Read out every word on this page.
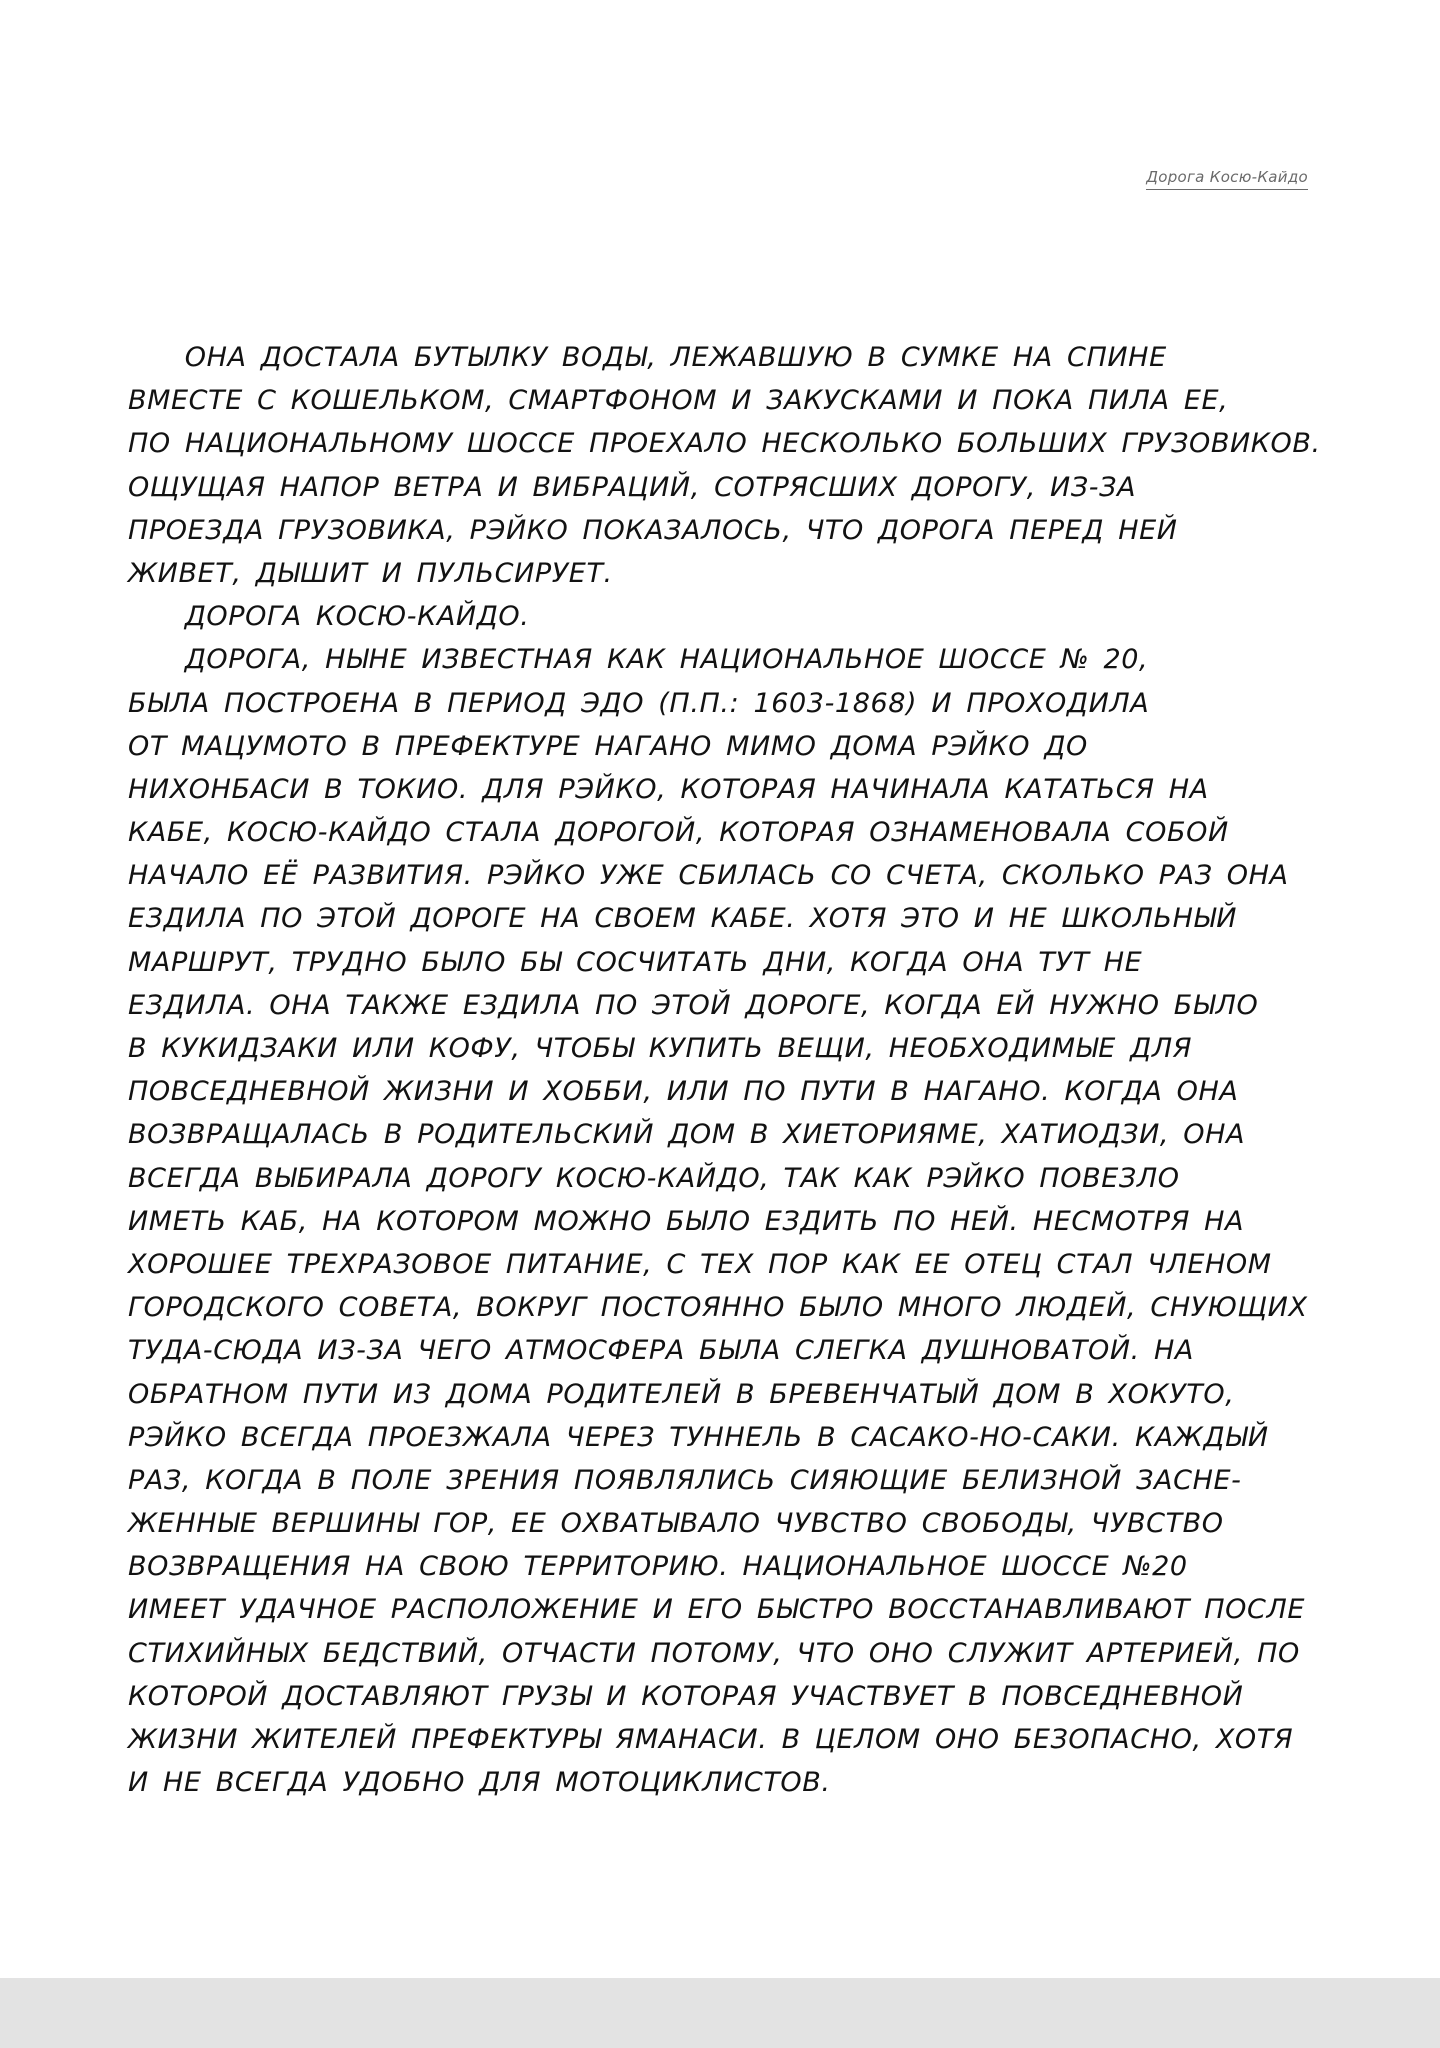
Дорога Косю-Кайдо
ОНА ДОСТАЛА БУТЫЛКУ ВОДЫ, ЛЕЖАВШУЮ В СУМКЕ НА СПИНЕ
ВМЕСТЕ С КОШЕЛЬКОМ, СМАРТФОНОМ И ЗАКУСКАМИ И ПОКА ПИЛА ЕЕ,
ПО НАЦИОНАЛЬНОМУ ШОССЕ ПРОЕХАЛО НЕСКОЛЬКО БОЛЬШИХ ГРУЗОВИКОВ.
ОЩУЩАЯ НАПОР ВЕТРА И ВИБРАЦИЙ, СОТРЯСШИХ ДОРОГУ, ИЗ-ЗА
ПРОЕЗДА ГРУЗОВИКА, РЭЙКО ПОКАЗАЛОСЬ, ЧТО ДОРОГА ПЕРЕД НЕЙ
ЖИВЕТ, ДЫШИТ И ПУЛЬСИРУЕТ.
ДОРОГА КОСЮ-КАЙДО.
ДОРОГА, НЫНЕ ИЗВЕСТНАЯ КАК НАЦИОНАЛЬНОЕ ШОССЕ № 20,
БЫЛА ПОСТРОЕНА В ПЕРИОД ЭДО (П.П.: 1603-1868) И ПРОХОДИЛА
ОТ МАЦУМОТО В ПРЕФЕКТУРЕ НАГАНО МИМО ДОМА РЭЙКО ДО
НИХОНБАСИ В ТОКИО. ДЛЯ РЭЙКО, КОТОРАЯ НАЧИНАЛА КАТАТЬСЯ НА
КАБЕ, КОСЮ-КАЙДО СТАЛА ДОРОГОЙ, КОТОРАЯ ОЗНАМЕНОВАЛА СОБОЙ
НАЧАЛО ЕЁ РАЗВИТИЯ. РЭЙКО УЖЕ СБИЛАСЬ СО СЧЕТА, СКОЛЬКО РАЗ ОНА
ЕЗДИЛА ПО ЭТОЙ ДОРОГЕ НА СВОЕМ КАБЕ. ХОТЯ ЭТО И НЕ ШКОЛЬНЫЙ
МАРШРУТ, ТРУДНО БЫЛО БЫ СОСЧИТАТЬ ДНИ, КОГДА ОНА ТУТ НЕ
ЕЗДИЛА. ОНА ТАКЖЕ ЕЗДИЛА ПО ЭТОЙ ДОРОГЕ, КОГДА ЕЙ НУЖНО БЫЛО
В КУКИДЗАКИ ИЛИ КОФУ, ЧТОБЫ КУПИТЬ ВЕЩИ, НЕОБХОДИМЫЕ ДЛЯ
ПОВСЕДНЕВНОЙ ЖИЗНИ И ХОББИ, ИЛИ ПО ПУТИ В НАГАНО. КОГДА ОНА
ВОЗВРАЩАЛАСЬ В РОДИТЕЛЬСКИЙ ДОМ В ХИЕТОРИЯМЕ, ХАТИОДЗИ, ОНА
ВСЕГДА ВЫБИРАЛА ДОРОГУ КОСЮ-КАЙДО, ТАК КАК РЭЙКО ПОВЕЗЛО
ИМЕТЬ КАБ, НА КОТОРОМ МОЖНО БЫЛО ЕЗДИТЬ ПО НЕЙ. НЕСМОТРЯ НА
ХОРОШЕЕ ТРЕХРАЗОВОЕ ПИТАНИЕ, С ТЕХ ПОР КАК ЕЕ ОТЕЦ СТАЛ ЧЛЕНОМ
ГОРОДСКОГО СОВЕТА, ВОКРУГ ПОСТОЯННО БЫЛО МНОГО ЛЮДЕЙ, СНУЮЩИХ
ТУДА-СЮДА ИЗ-ЗА ЧЕГО АТМОСФЕРА БЫЛА СЛЕГКА ДУШНОВАТОЙ. НА
ОБРАТНОМ ПУТИ ИЗ ДОМА РОДИТЕЛЕЙ В БРЕВЕНЧАТЫЙ ДОМ В ХОКУТО,
РЭЙКО ВСЕГДА ПРОЕЗЖАЛА ЧЕРЕЗ ТУННЕЛЬ В САСАКО-НО-САКИ. КАЖДЫЙ
РАЗ, КОГДА В ПОЛЕ ЗРЕНИЯ ПОЯВЛЯЛИСЬ СИЯЮЩИЕ БЕЛИЗНОЙ ЗАСНЕ-
ЖЕННЫЕ ВЕРШИНЫ ГОР, ЕЕ ОХВАТЫВАЛО ЧУВСТВО СВОБОДЫ, ЧУВСТВО
ВОЗВРАЩЕНИЯ НА СВОЮ ТЕРРИТОРИЮ. НАЦИОНАЛЬНОЕ ШОССЕ №20
ИМЕЕТ УДАЧНОЕ РАСПОЛОЖЕНИЕ И ЕГО БЫСТРО ВОССТАНАВЛИВАЮТ ПОСЛЕ
СТИХИЙНЫХ БЕДСТВИЙ, ОТЧАСТИ ПОТОМУ, ЧТО ОНО СЛУЖИТ АРТЕРИЕЙ, ПО
КОТОРОЙ ДОСТАВЛЯЮТ ГРУЗЫ И КОТОРАЯ УЧАСТВУЕТ В ПОВСЕДНЕВНОЙ
ЖИЗНИ ЖИТЕЛЕЙ ПРЕФЕКТУРЫ ЯМАНАСИ. В ЦЕЛОМ ОНО БЕЗОПАСНО, ХОТЯ
И НЕ ВСЕГДА УДОБНО ДЛЯ МОТОЦИКЛИСТОВ.
